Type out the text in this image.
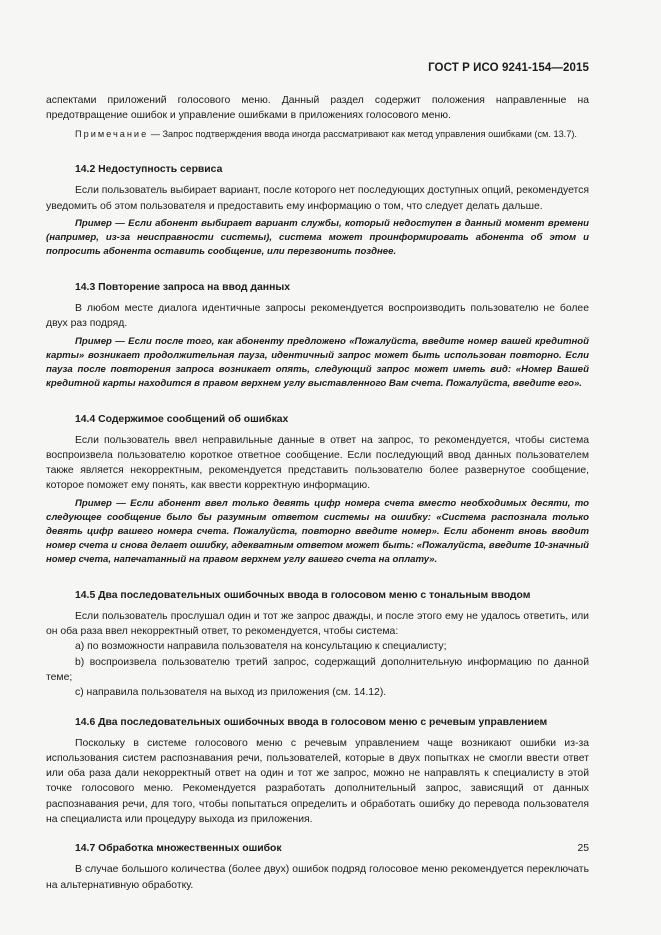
ГОСТ Р ИСО 9241-154—2015

аспектами приложений голосового меню. Данный раздел содержит положения направленные на предотвращение ошибок и управление ошибками в приложениях голосового меню.

Примечание — Запрос подтверждения ввода иногда рассматривают как метод управления ошибками (см. 13.7).

14.2 Недоступность сервиса

Если пользователь выбирает вариант, после которого нет последующих доступных опций, рекомендуется уведомить об этом пользователя и предоставить ему информацию о том, что следует делать дальше.

Пример — Если абонент выбирает вариант службы, который недоступен в данный момент времени (например, из-за неисправности системы), система может проинформировать абонента об этом и попросить абонента оставить сообщение, или перезвонить позднее.

14.3 Повторение запроса на ввод данных

В любом месте диалога идентичные запросы рекомендуется воспроизводить пользователю не более двух раз подряд.

Пример — Если после того, как абоненту предложено «Пожалуйста, введите номер вашей кредитной карты» возникает продолжительная пауза, идентичный запрос может быть использован повторно. Если пауза после повторения запроса возникает опять, следующий запрос может иметь вид: «Номер Вашей кредитной карты находится в правом верхнем углу выставленного Вам счета. Пожалуйста, введите его».

14.4 Содержимое сообщений об ошибках

Если пользователь ввел неправильные данные в ответ на запрос, то рекомендуется, чтобы система воспроизвела пользователю короткое ответное сообщение. Если последующий ввод данных пользователем также является некорректным, рекомендуется представить пользователю более развернутое сообщение, которое поможет ему понять, как ввести корректную информацию.

Пример — Если абонент ввел только девять цифр номера счета вместо необходимых десяти, то следующее сообщение было бы разумным ответом системы на ошибку: «Система распознала только девять цифр вашего номера счета. Пожалуйста, повторно введите номер». Если абонент вновь вводит номер счета и снова делает ошибку, адекватным ответом может быть: «Пожалуйста, введите 10-значный номер счета, напечатанный на правом верхнем углу вашего счета на оплату».

14.5 Два последовательных ошибочных ввода в голосовом меню с тональным вводом

Если пользователь прослушал один и тот же запрос дважды, и после этого ему не удалось ответить, или он оба раза ввел некорректный ответ, то рекомендуется, чтобы система:

a) по возможности направила пользователя на консультацию к специалисту;

b) воспроизвела пользователю третий запрос, содержащий дополнительную информацию по данной теме;

c) направила пользователя на выход из приложения (см. 14.12).

14.6 Два последовательных ошибочных ввода в голосовом меню с речевым управлением

Поскольку в системе голосового меню с речевым управлением чаще возникают ошибки из-за использования систем распознавания речи, пользователей, которые в двух попытках не смогли ввести ответ или оба раза дали некорректный ответ на один и тот же запрос, можно не направлять к специалисту в этой точке голосового меню. Рекомендуется разработать дополнительный запрос, зависящий от данных распознавания речи, для того, чтобы попытаться определить и обработать ошибку до перевода пользователя на специалиста или процедуру выхода из приложения.

14.7 Обработка множественных ошибок

В случае большого количества (более двух) ошибок подряд голосовое меню рекомендуется переключать на альтернативную обработку.

25
